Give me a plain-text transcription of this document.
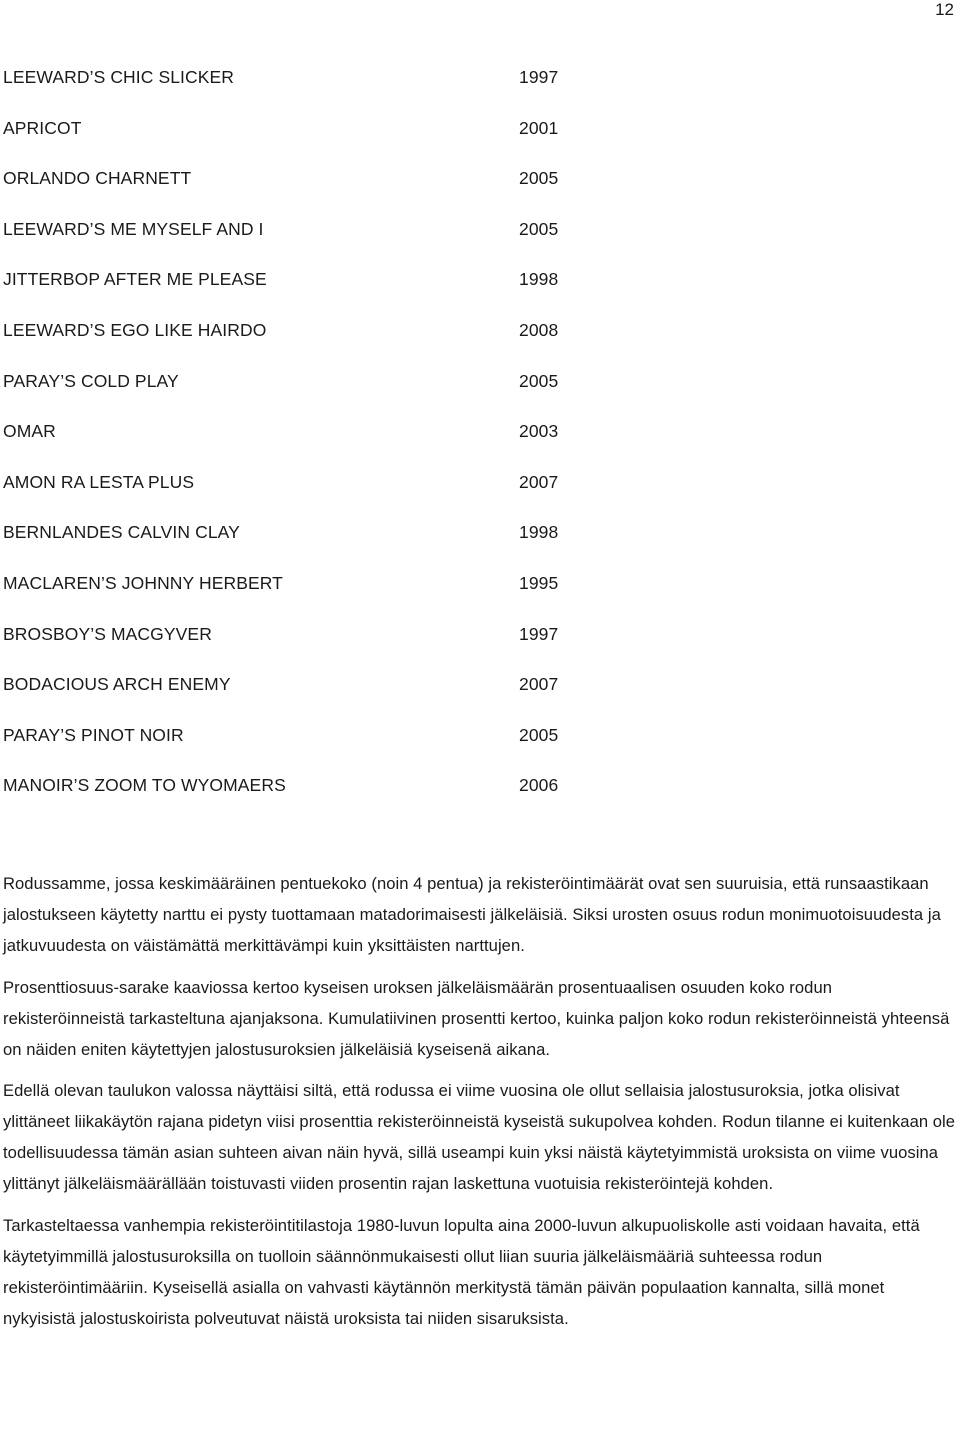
12
LEEWARD’S CHIC SLICKER	1997
APRICOT	2001
ORLANDO CHARNETT	2005
LEEWARD’S ME MYSELF AND I	2005
JITTERBOP AFTER ME PLEASE	1998
LEEWARD’S EGO LIKE HAIRDO	2008
PARAY’S COLD PLAY	2005
OMAR	2003
AMON RA LESTA PLUS	2007
BERNLANDES CALVIN CLAY	1998
MACLAREN’S JOHNNY HERBERT	1995
BROSBOY’S MACGYVER	1997
BODACIOUS ARCH ENEMY	2007
PARAY’S PINOT NOIR	2005
MANOIR’S ZOOM TO WYOMAERS	2006

Rodussamme, jossa keskimääräinen pentuekoko (noin 4 pentua) ja rekisteröintimäärät ovat sen suuruisia, että runsaastikaan jalostukseen käytetty narttu ei pysty tuottamaan matadorimaisesti jälkeläisiä. Siksi urosten osuus rodun monimuotoisuudesta ja jatkuvuudesta on väistämättä merkittävämpi kuin yksittäisten narttujen.

Prosenttiosuus-sarake kaaviossa kertoo kyseisen uroksen jälkeläismäärän prosentuaalisen osuuden koko rodun rekisteröinneistä tarkasteltuna ajanjaksona. Kumulatiivinen prosentti kertoo, kuinka paljon koko rodun rekisteröinneistä yhteensä on näiden eniten käytettyjen jalostusuroksien jälkeläisiä kyseisenä aikana.

Edellä olevan taulukon valossa näyttäisi siltä, että rodussa ei viime vuosina ole ollut sellaisia jalostusuroksia, jotka olisivat ylittäneet liikakäytön rajana pidetyn viisi prosenttia rekisteröinneistä kyseistä sukupolvea kohden. Rodun tilanne ei kuitenkaan ole todellisuudessa tämän asian suhteen aivan näin hyvä, sillä useampi kuin yksi näistä käytetyimmistä uroksista on viime vuosina ylittänyt jälkeläismäärällään toistuvasti viiden prosentin rajan laskettuna vuotuisia rekisteröintejä kohden.

Tarkasteltaessa vanhempia rekisteröintitilastoja 1980-luvun lopulta aina 2000-luvun alkupuoliskolle asti voidaan havaita, että käytetyimmillä jalostusuroksilla on tuolloin säännönmukaisesti ollut liian suuria jälkeläismääriä suhteessa rodun rekisteröintimääriin. Kyseisellä asialla on vahvasti käytännön merkitystä tämän päivän populaation kannalta, sillä monet nykyisistä jalostuskoirista polveutuvat näistä uroksista tai niiden sisaruksista.
